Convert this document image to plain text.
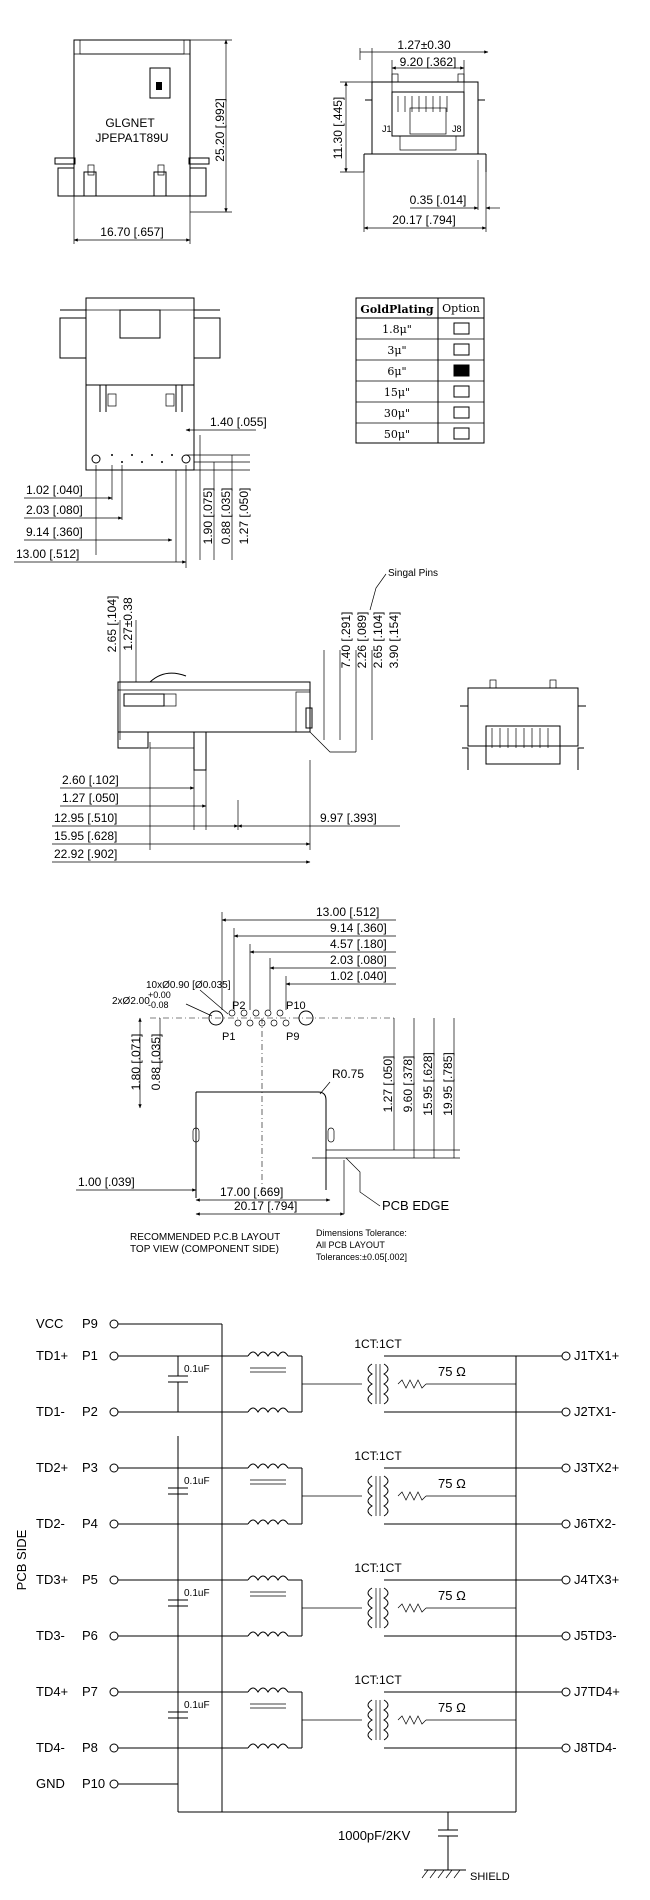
GLGNET
JPEPA1T89U	25.20 [.992]
16.70 [.657]
J1	J8
1.27±0.30
9.20 [.362]
11.30 [.445]
0.35 [.014]
20.17 [.794]
1.40 [.055]
1.90 [.075] 0.88 [.035] 1.27 [.050]
1.02 [.040]
2.03 [.080]
9.14 [.360]
13.00 [.512]
GoldPlating Option
1.8μ"
3μ"
6μ"
15μ"
30μ"
50μ"
Singal Pins
2.65 [.104] 1.27±0.38	7.40 [.291] 2.26 [.089] 2.65 [.104] 3.90 [.154]
2.60 [.102]
1.27 [.050]
12.95 [.510]	9.97 [.393]
15.95 [.628]
22.92 [.902]
13.00 [.512]
9.14 [.360]
4.57 [.180]
2.03 [.080]
1.02 [.040]
10xØ0.90 [Ø0.035]
2xØ2.00
+0.00
-0.08	P2	P10
P1	P9
1.80 [.071] 0.88 [.035]	R0.75 1.27 [.050] 9.60 [.378] 15.95 [.628] 19.95 [.785]
1.00 [.039]
17.00 [.669]
20.17 [.794]	PCB EDGE
RECOMMENDED P.C.B LAYOUT
TOP VIEW (COMPONENT SIDE)
Dimensions Tolerance:
All PCB LAYOUT
Tolerances:±0.05[.002]
PCB SIDE
VCC P9
TD1+ P1
TD1- P2
TD2+ P3
TD2- P4
TD3+ P5
TD3- P6
TD4+ P7
TD4- P8
GND P10
J1TX1+
J2TX1-
J3TX2+
J6TX2-
J4TX3+
J5TD3-
J7TD4+
J8TD4-
0.1uF
1CT:1CT
75 Ω
0.1uF
1CT:1CT
75 Ω
0.1uF
1CT:1CT
75 Ω
0.1uF
1CT:1CT
75 Ω
1000pF/2KV
SHIELD
